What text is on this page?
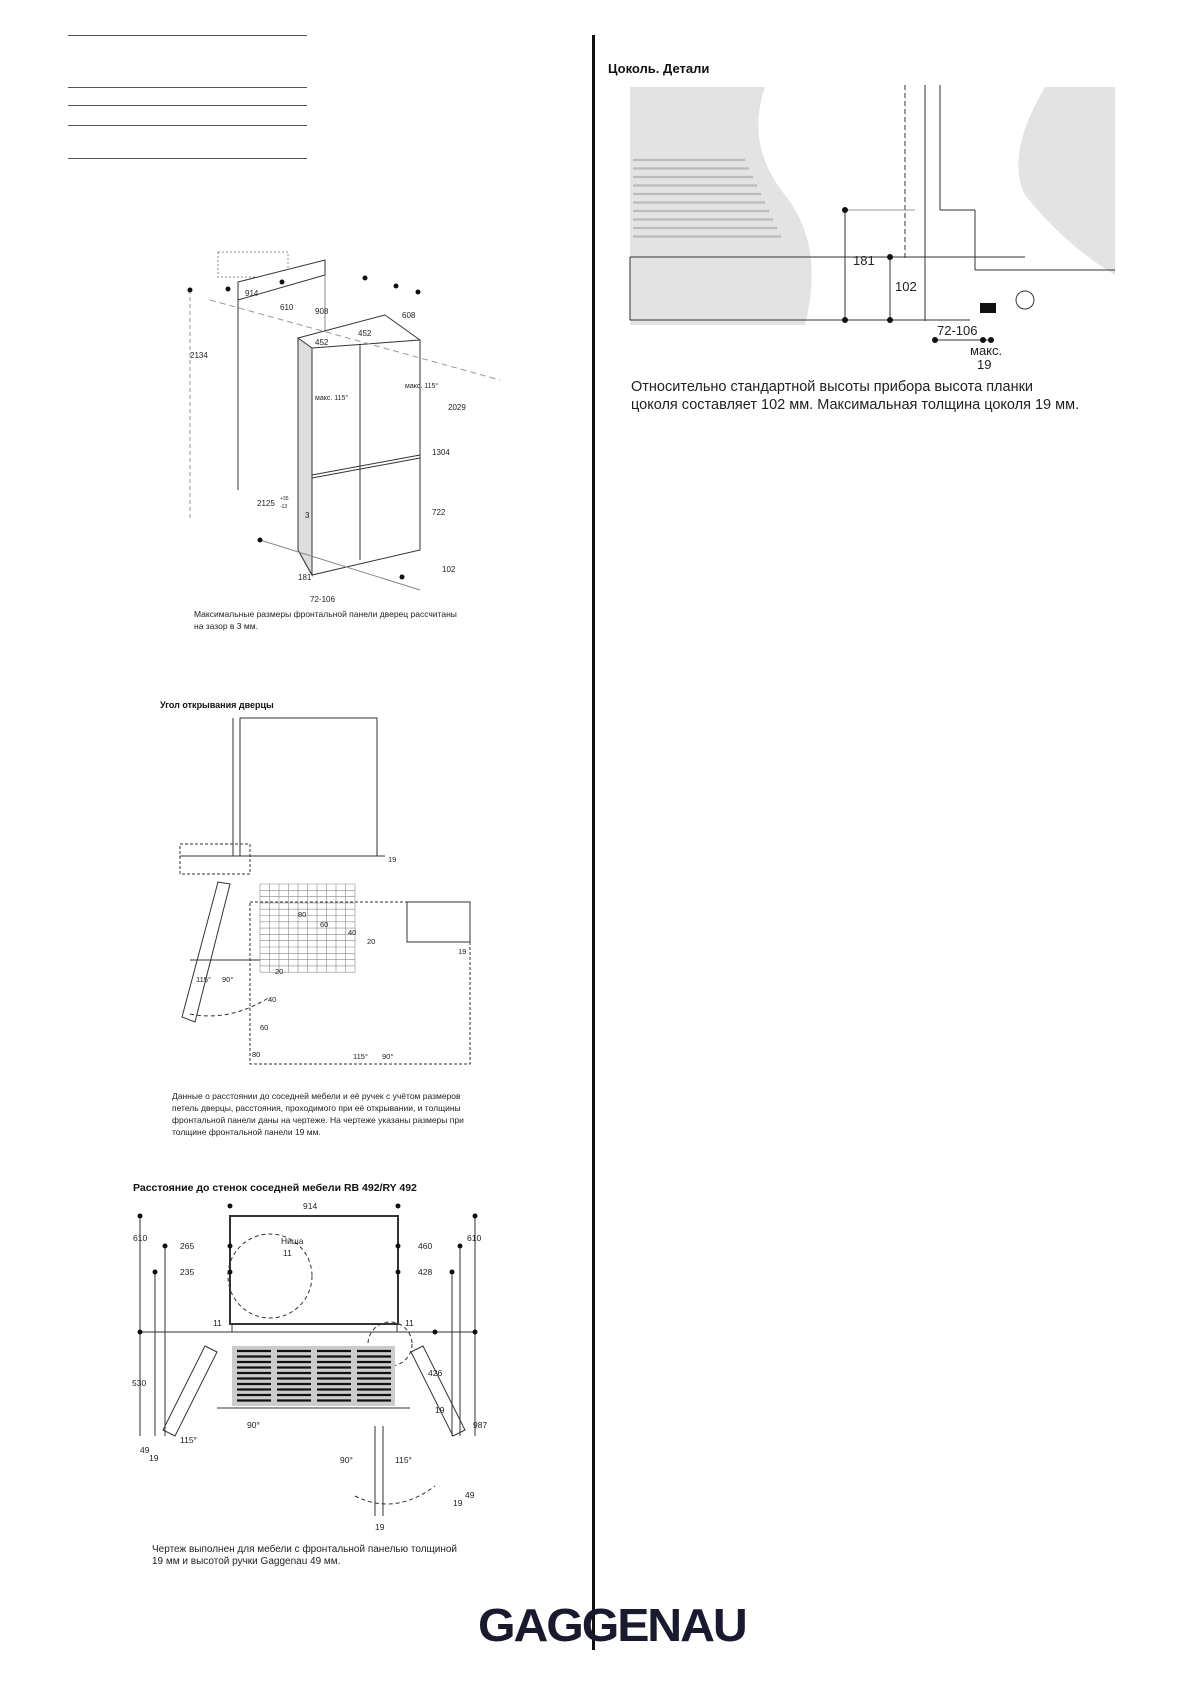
914
610	908	608
452
452
2134
макс. 115°
макс. 115°
2029
1304
2125 +35
-13
3	722
102
181
72-106
Максимальные размеры фронтальной панели дверец рассчитаны
на зазор в 3 мм.
Угол открывания дверцы
19
80
60
40
20
19
20
40
60
80
115° 90°
115° 90°
Данные о расстоянии до соседней мебели и её ручек с учётом размеров
петель дверцы, расстояния, проходимого при её открывании, и толщины
фронтальной панели даны на чертеже. На чертеже указаны размеры при
толщине фронтальной панели 19 мм.
Расстояние до стенок соседней мебели RB 492/RY 492
914
610
265
235
Ниша
11
460
428
610
11	11
426
530
19
987
115°
90°
49
19	90°	115°
19
49
19
Чертеж выполнен для мебели с фронтальной панелью толщиной
19 мм и высотой ручки Gaggenau 49 мм.
Цоколь. Детали
181
102
72-106
макс.
19
Относительно стандартной высоты прибора высота планки
цоколя составляет 102 мм. Максимальная толщина цоколя 19 мм.
GAGGENAU
